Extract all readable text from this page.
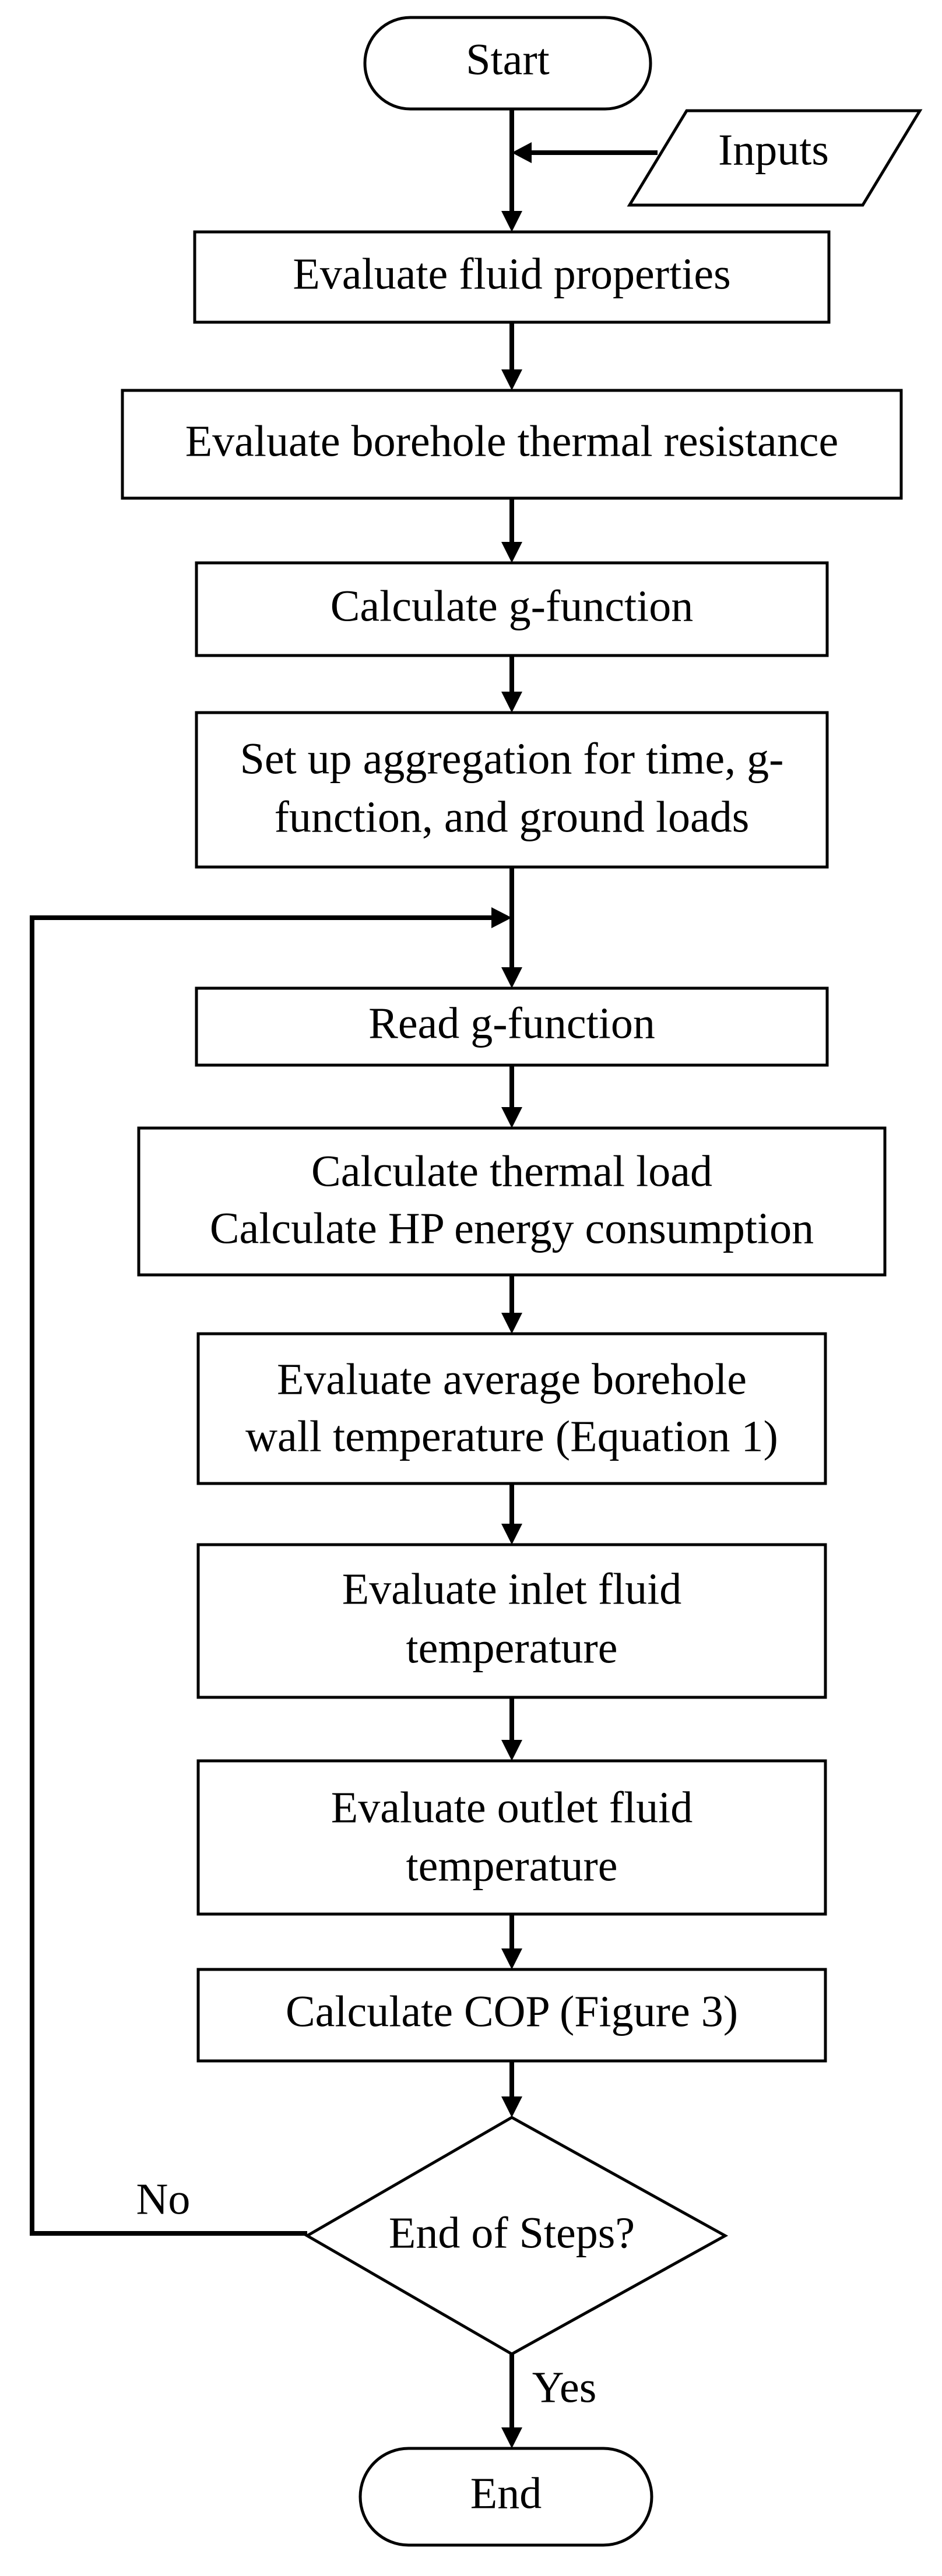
Start
Inputs
Evaluate fluid properties
Evaluate borehole thermal resistance
Calculate g-function
Set up aggregation for time, g-
function, and ground loads
Read g-function
Calculate thermal load
Calculate HP energy consumption
Evaluate average borehole
wall temperature (Equation 1)
Evaluate inlet fluid
temperature
Evaluate outlet fluid
temperature
Calculate COP (Figure 3)
End of Steps?
End
No
Yes
